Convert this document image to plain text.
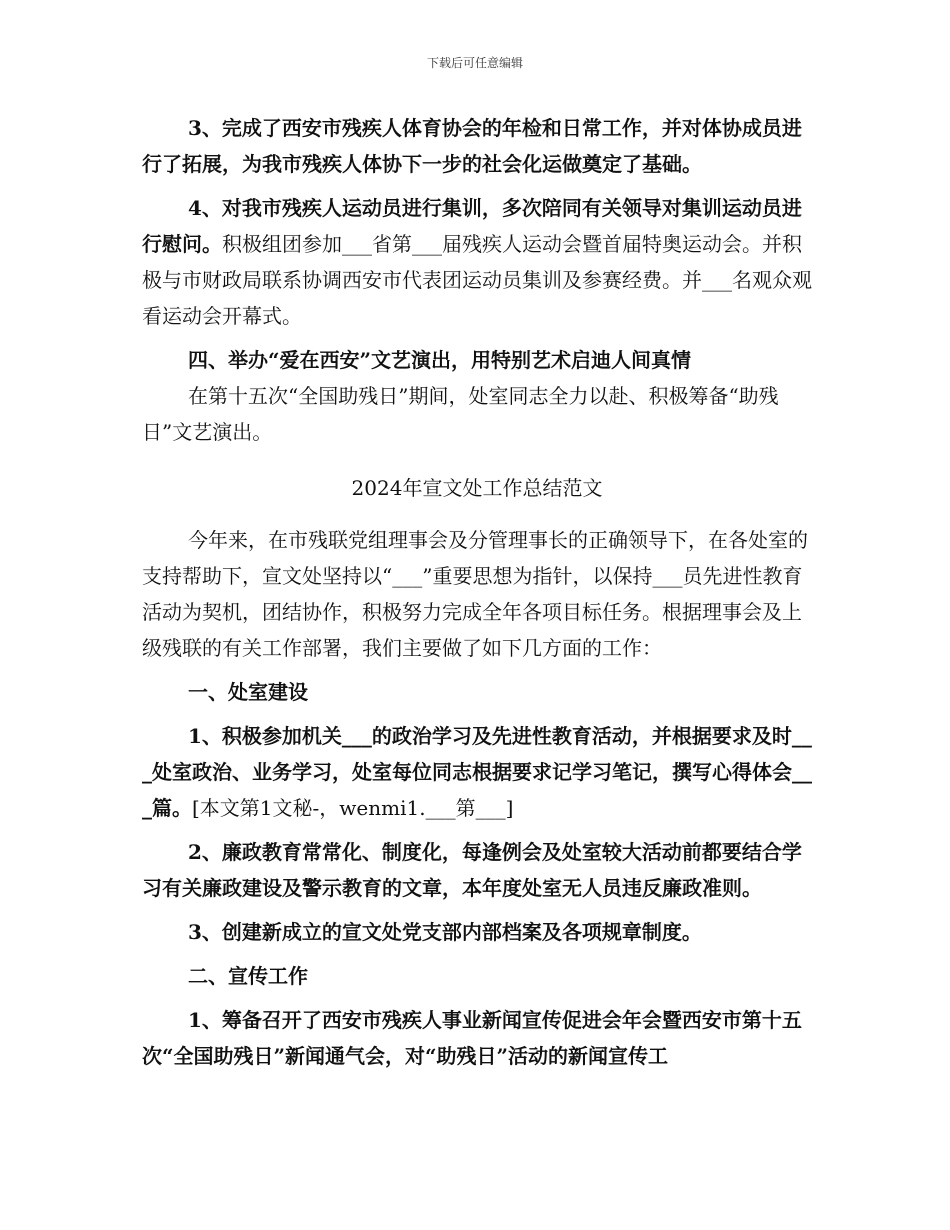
下载后可任意编辑

3、完成了西安市残疾人体育协会的年检和日常工作，并对体协成员进行了拓展，为我市残疾人体协下一步的社会化运做奠定了基础。

4、对我市残疾人运动员进行集训，多次陪同有关领导对集训运动员进行慰问。积极组团参加___省第___届残疾人运动会暨首届特奥运动会。并积极与市财政局联系协调西安市代表团运动员集训及参赛经费。并___名观众观看运动会开幕式。

四、举办“爱在西安”文艺演出，用特别艺术启迪人间真情

在第十五次“全国助残日”期间，处室同志全力以赴、积极筹备“助残日”文艺演出。

2024年宣文处工作总结范文

今年来，在市残联党组理事会及分管理事长的正确领导下，在各处室的支持帮助下，宣文处坚持以“___”重要思想为指针，以保持___员先进性教育活动为契机，团结协作，积极努力完成全年各项目标任务。根据理事会及上级残联的有关工作部署，我们主要做了如下几方面的工作：

一、处室建设

1、积极参加机关___的政治学习及先进性教育活动，并根据要求及时___处室政治、业务学习，处室每位同志根据要求记学习笔记，撰写心得体会___篇。[本文第1文秘-，wenmi1.___第___]

2、廉政教育常常化、制度化，每逢例会及处室较大活动前都要结合学习有关廉政建设及警示教育的文章，本年度处室无人员违反廉政准则。

3、创建新成立的宣文处党支部内部档案及各项规章制度。

二、宣传工作

1、筹备召开了西安市残疾人事业新闻宣传促进会年会暨西安市第十五次“全国助残日”新闻通气会，对“助残日”活动的新闻宣传工
